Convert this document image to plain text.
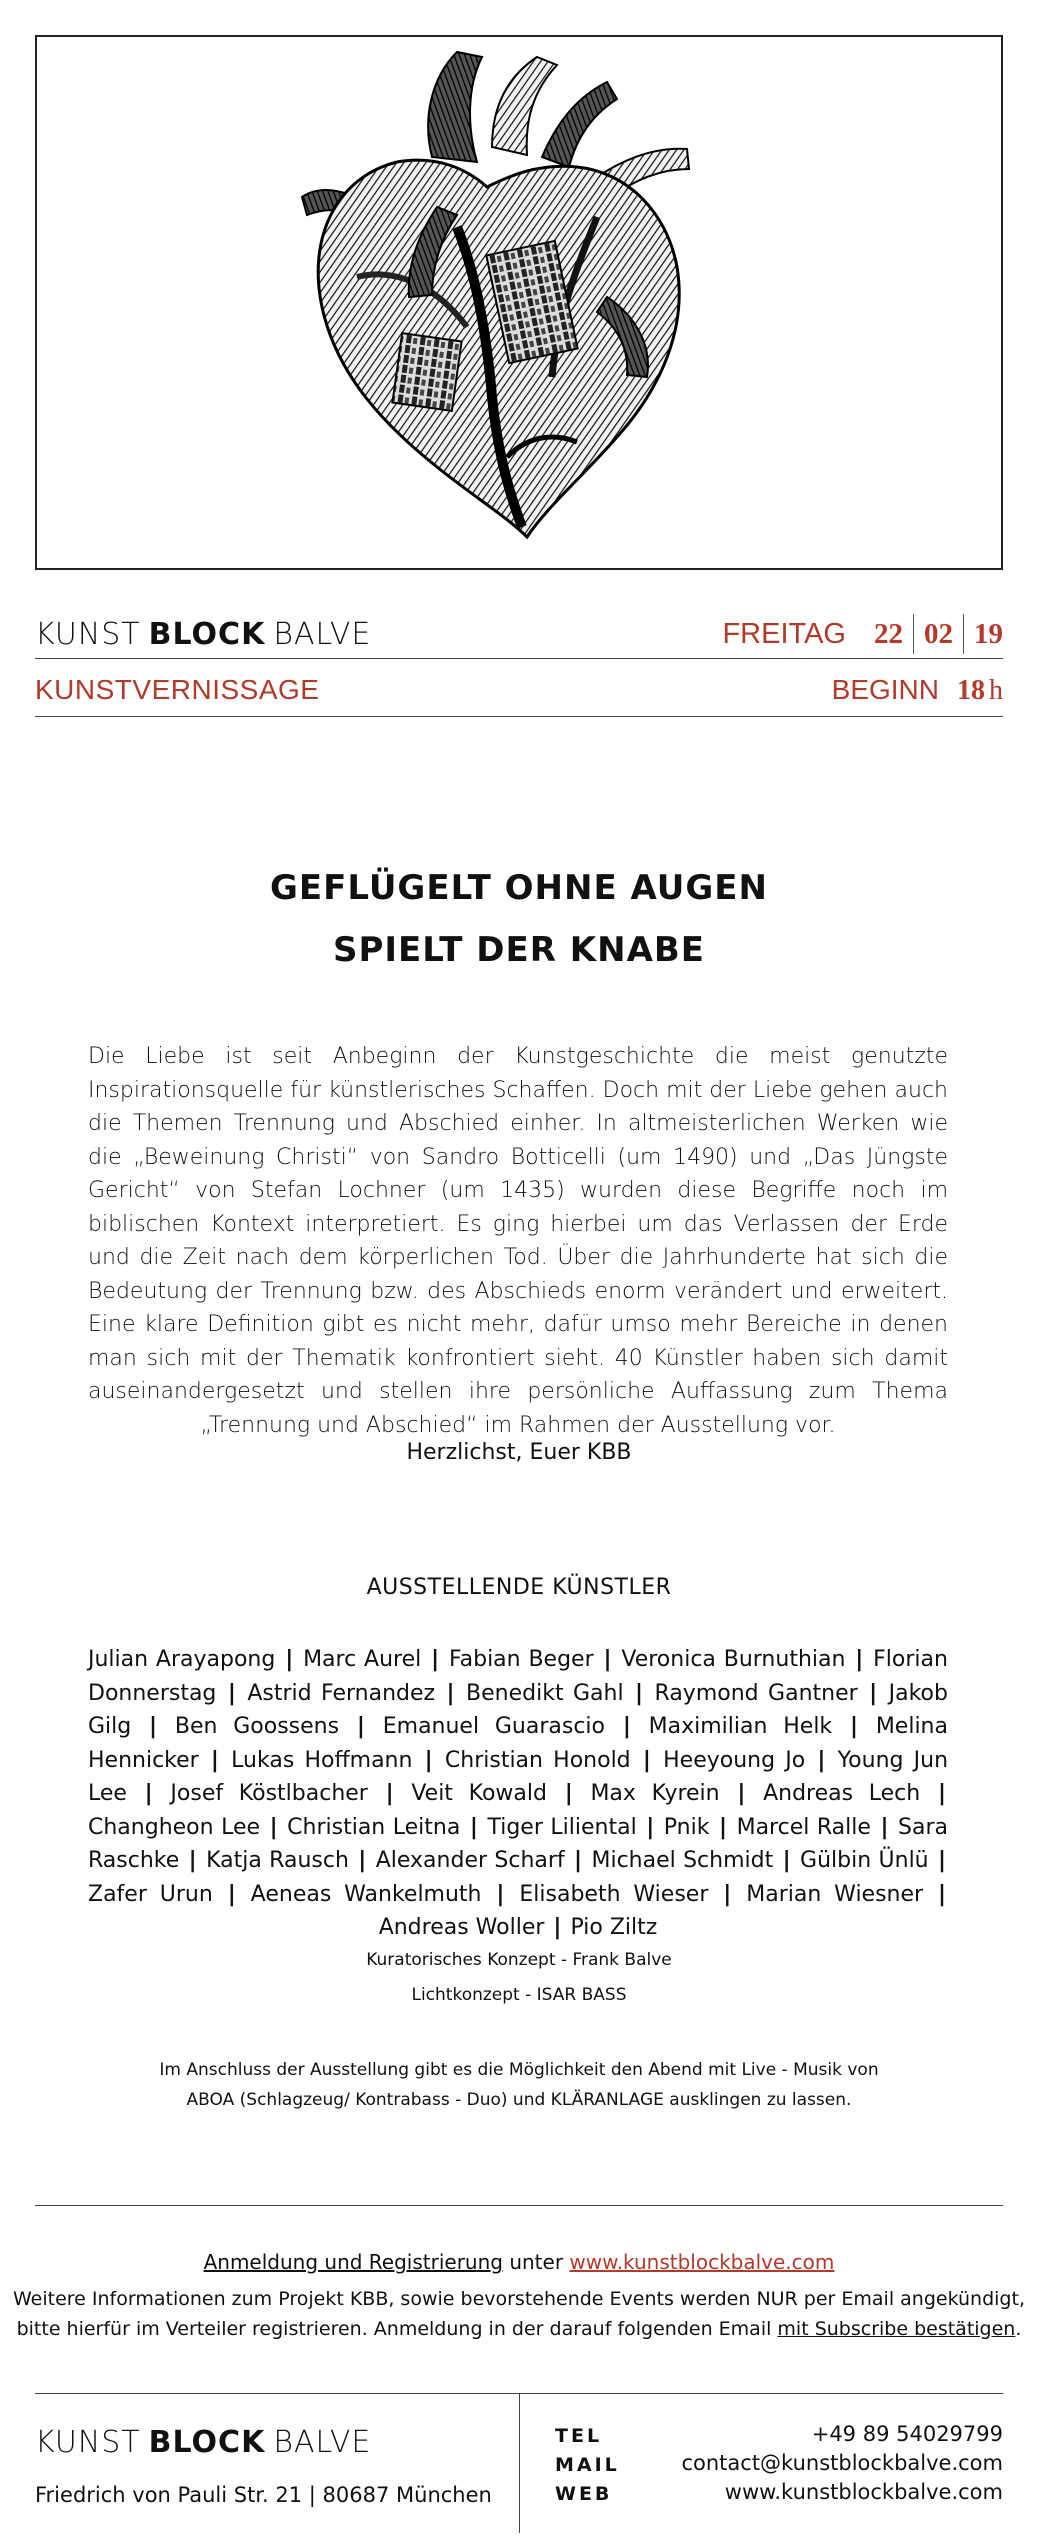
KUNST BLOCK BALVE	FREITAG 22 02 19
KUNSTVERNISSAGE	BEGINN 18 h
GEFLÜGELT OHNE AUGEN
SPIELT DER KNABE
Die Liebe ist seit Anbeginn der Kunstgeschichte die meist genutzte Inspirationsquelle für künstlerisches Schaffen. Doch mit der Liebe gehen auch die Themen Trennung und Abschied einher. In altmeisterlichen Werken wie die „Beweinung Christi“ von Sandro Botticelli (um 1490) und „Das Jüngste Gericht“ von Stefan Lochner (um 1435) wurden diese Begriffe noch im biblischen Kontext interpretiert. Es ging hierbei um das Verlassen der Erde und die Zeit nach dem körperlichen Tod. Über die Jahrhunderte hat sich die Bedeutung der Trennung bzw. des Abschieds enorm verändert und erweitert. Eine klare Definition gibt es nicht mehr, dafür umso mehr Bereiche in denen man sich mit der Thematik konfrontiert sieht. 40 Künstler haben sich damit auseinandergesetzt und stellen ihre persönliche Auffassung zum Thema „Trennung und Abschied“ im Rahmen der Ausstellung vor.
Herzlichst, Euer KBB
AUSSTELLENDE KÜNSTLER
Julian Arayapong | Marc Aurel | Fabian Beger | Veronica Burnuthian | Florian Donnerstag | Astrid Fernandez | Benedikt Gahl | Raymond Gantner | Jakob Gilg | Ben Goossens | Emanuel Guarascio | Maximilian Helk | Melina Hennicker | Lukas Hoffmann | Christian Honold | Heeyoung Jo | Young Jun Lee | Josef Köstlbacher | Veit Kowald | Max Kyrein | Andreas Lech | Changheon Lee | Christian Leitna | Tiger Liliental | Pnik | Marcel Ralle | Sara Raschke | Katja Rausch | Alexander Scharf | Michael Schmidt | Gülbin Ünlü | Zafer Urun | Aeneas Wankelmuth | Elisabeth Wieser | Marian Wiesner | Andreas Woller | Pio Ziltz
Kuratorisches Konzept - Frank Balve
Lichtkonzept - ISAR BASS
Im Anschluss der Ausstellung gibt es die Möglichkeit den Abend mit Live - Musik von
ABOA (Schlagzeug/ Kontrabass - Duo) und KLÄRANLAGE ausklingen zu lassen.
Anmeldung und Registrierung unter www.kunstblockbalve.com
Weitere Informationen zum Projekt KBB, sowie bevorstehende Events werden NUR per Email angekündigt,
bitte hierfür im Verteiler registrieren. Anmeldung in der darauf folgenden Email mit Subscribe bestätigen.
KUNST BLOCK BALVE
Friedrich von Pauli Str. 21 | 80687 München
TEL
MAIL
WEB
+49 89 54029799
contact@kunstblockbalve.com
www.kunstblockbalve.com
